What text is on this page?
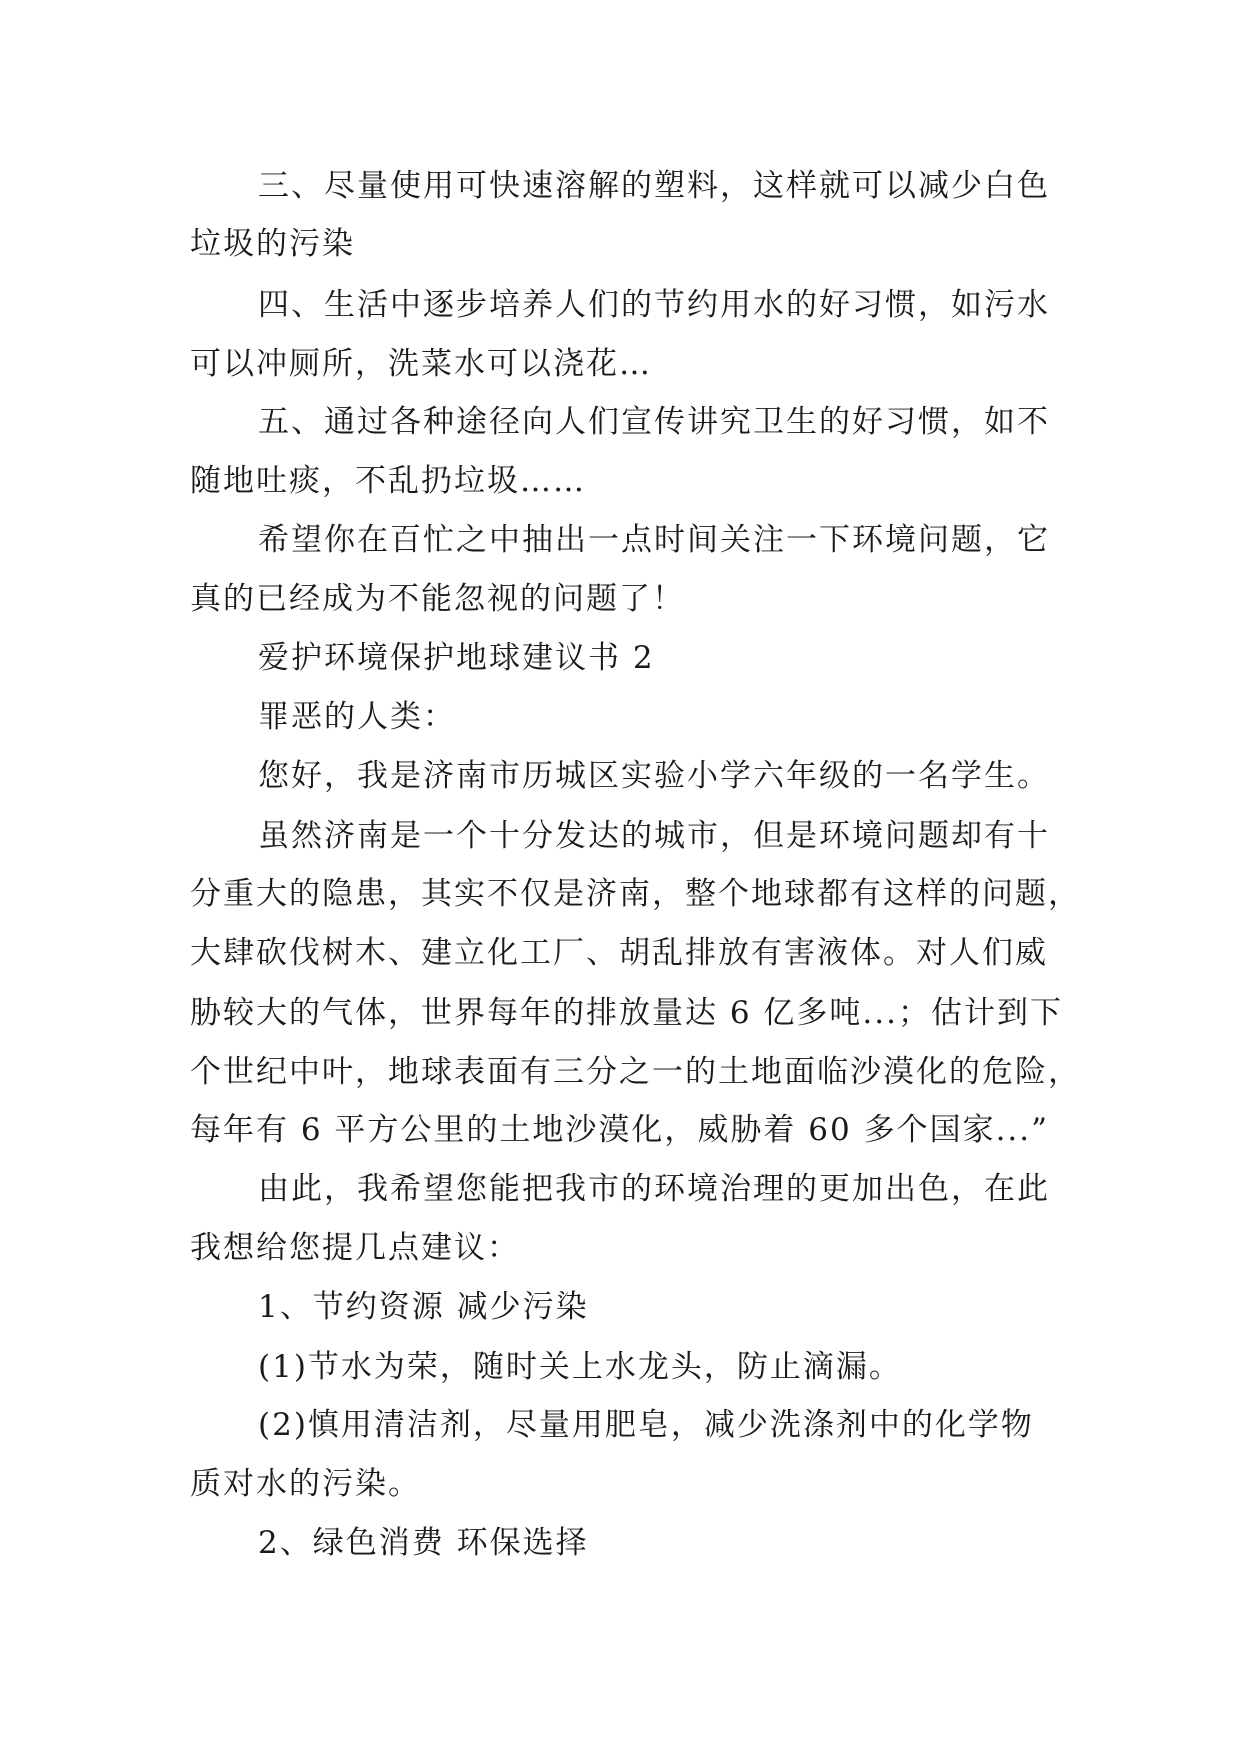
三、尽量使用可快速溶解的塑料，这样就可以减少白色
垃圾的污染
四、生活中逐步培养人们的节约用水的好习惯，如污水
可以冲厕所，洗菜水可以浇花…
五、通过各种途径向人们宣传讲究卫生的好习惯，如不
随地吐痰，不乱扔垃圾……
希望你在百忙之中抽出一点时间关注一下环境问题，它
真的已经成为不能忽视的问题了！
爱护环境保护地球建议书 2
罪恶的人类：
您好，我是济南市历城区实验小学六年级的一名学生。
虽然济南是一个十分发达的城市，但是环境问题却有十
分重大的隐患，其实不仅是济南，整个地球都有这样的问题，
大肆砍伐树木、建立化工厂、胡乱排放有害液体。对人们威
胁较大的气体，世界每年的排放量达 6 亿多吨...；估计到下
个世纪中叶，地球表面有三分之一的土地面临沙漠化的危险，
每年有 6 平方公里的土地沙漠化，威胁着 60 多个国家...”
由此，我希望您能把我市的环境治理的更加出色，在此
我想给您提几点建议：
1、节约资源 减少污染
(1)节水为荣，随时关上水龙头，防止滴漏。
(2)慎用清洁剂，尽量用肥皂，减少洗涤剂中的化学物
质对水的污染。
2、绿色消费 环保选择
